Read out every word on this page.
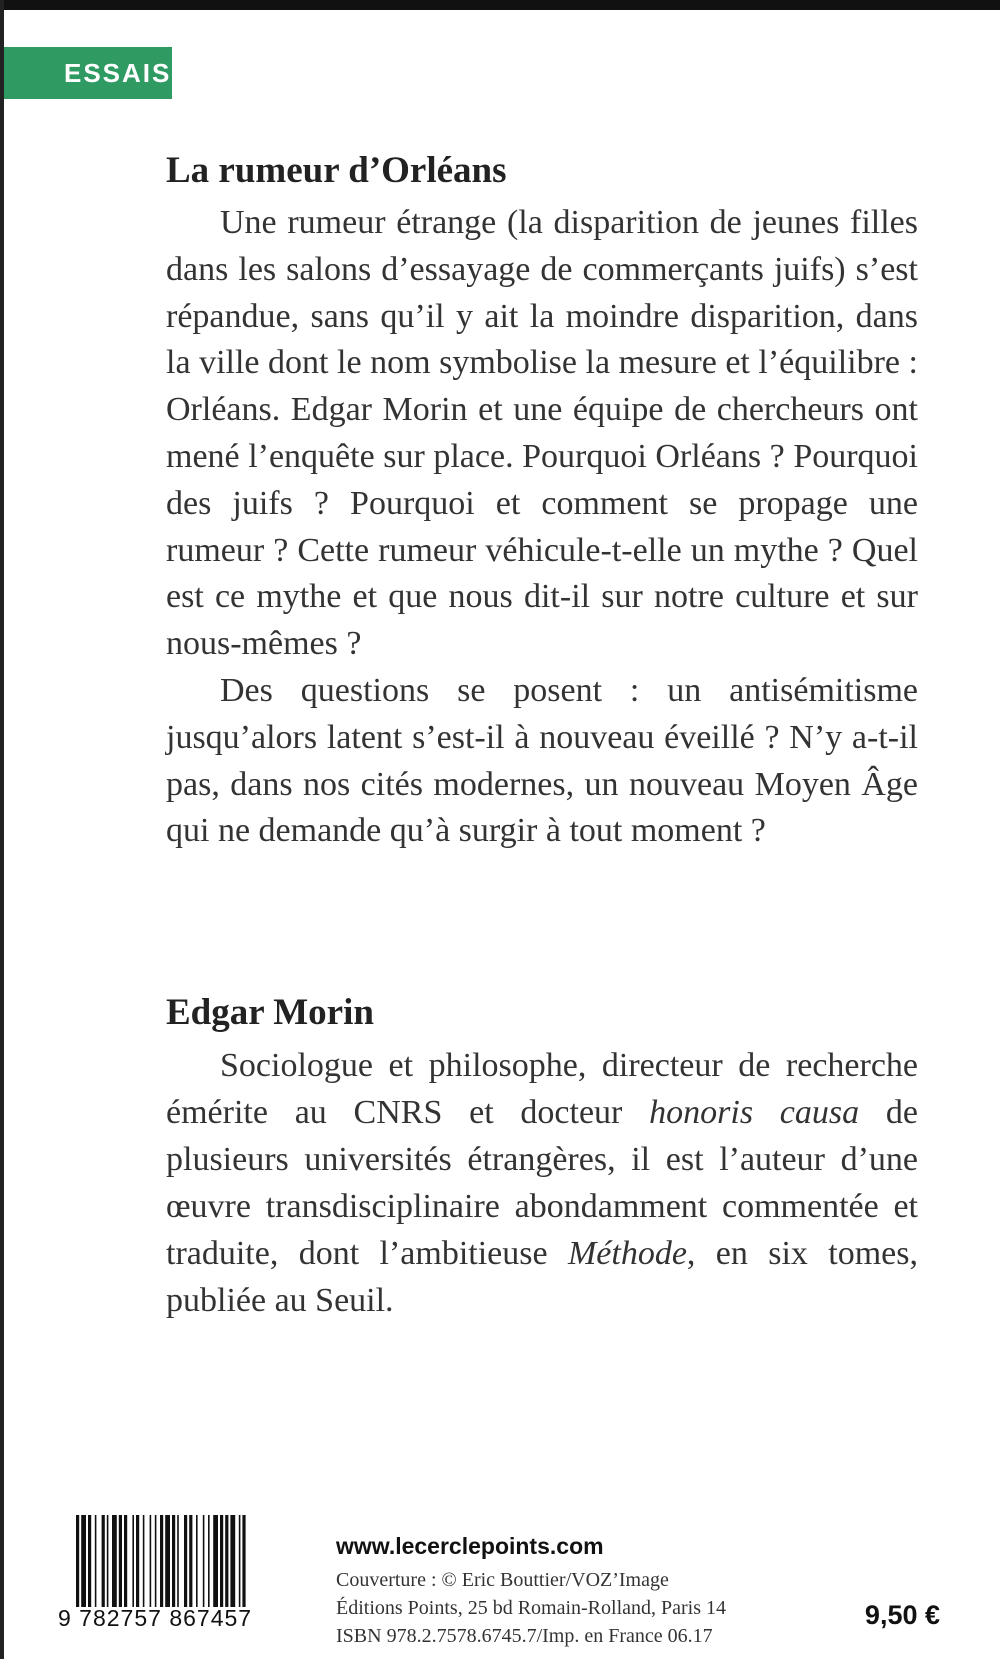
ESSAIS
La rumeur d’Orléans

Une rumeur étrange (la disparition de jeunes filles dans les salons d’essayage de commerçants juifs) s’est répandue, sans qu’il y ait la moindre disparition, dans la ville dont le nom symbolise la mesure et l’équilibre : Orléans. Edgar Morin et une équipe de chercheurs ont mené l’enquête sur place. Pourquoi Orléans ? Pourquoi des juifs ? Pourquoi et comment se propage une rumeur ? Cette rumeur véhicule-t-elle un mythe ? Quel est ce mythe et que nous dit-il sur notre culture et sur nous-mêmes ?

Des questions se posent : un antisémitisme jusqu’alors latent s’est-il à nouveau éveillé ? N’y a-t-il pas, dans nos cités modernes, un nouveau Moyen Âge qui ne demande qu’à surgir à tout moment ?

Edgar Morin

Sociologue et philosophe, directeur de recherche émérite au CNRS et docteur honoris causa de plusieurs universités étrangères, il est l’auteur d’une œuvre transdisciplinaire abondamment commentée et traduite, dont l’ambitieuse Méthode, en six tomes, publiée au Seuil.

9 782757 867457
www.lecerclepoints.com
Couverture : © Eric Bouttier/VOZ’Image
Éditions Points, 25 bd Romain-Rolland, Paris 14
ISBN 978.2.7578.6745.7/Imp. en France 06.17
9,50 €
